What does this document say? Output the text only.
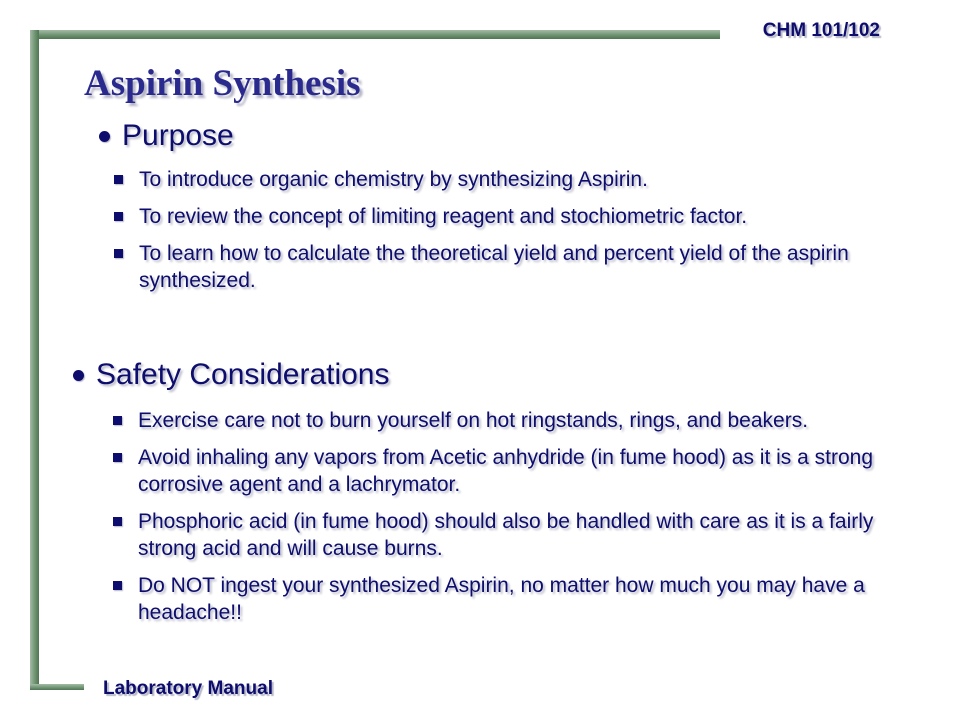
CHM 101/102
Aspirin Synthesis
Purpose
To introduce organic chemistry by synthesizing Aspirin.
To review the concept of limiting reagent and stochiometric factor.
To learn how to calculate the theoretical yield and percent yield of the aspirin synthesized.
Safety Considerations
Exercise care not to burn yourself on hot ringstands, rings, and beakers.
Avoid inhaling any vapors from Acetic anhydride (in fume hood) as it is a strong corrosive agent and a lachrymator.
Phosphoric acid (in fume hood) should also be handled with care as it is a fairly strong acid and will cause burns.
Do NOT ingest your synthesized Aspirin, no matter how much you may have a headache!!
Laboratory Manual
